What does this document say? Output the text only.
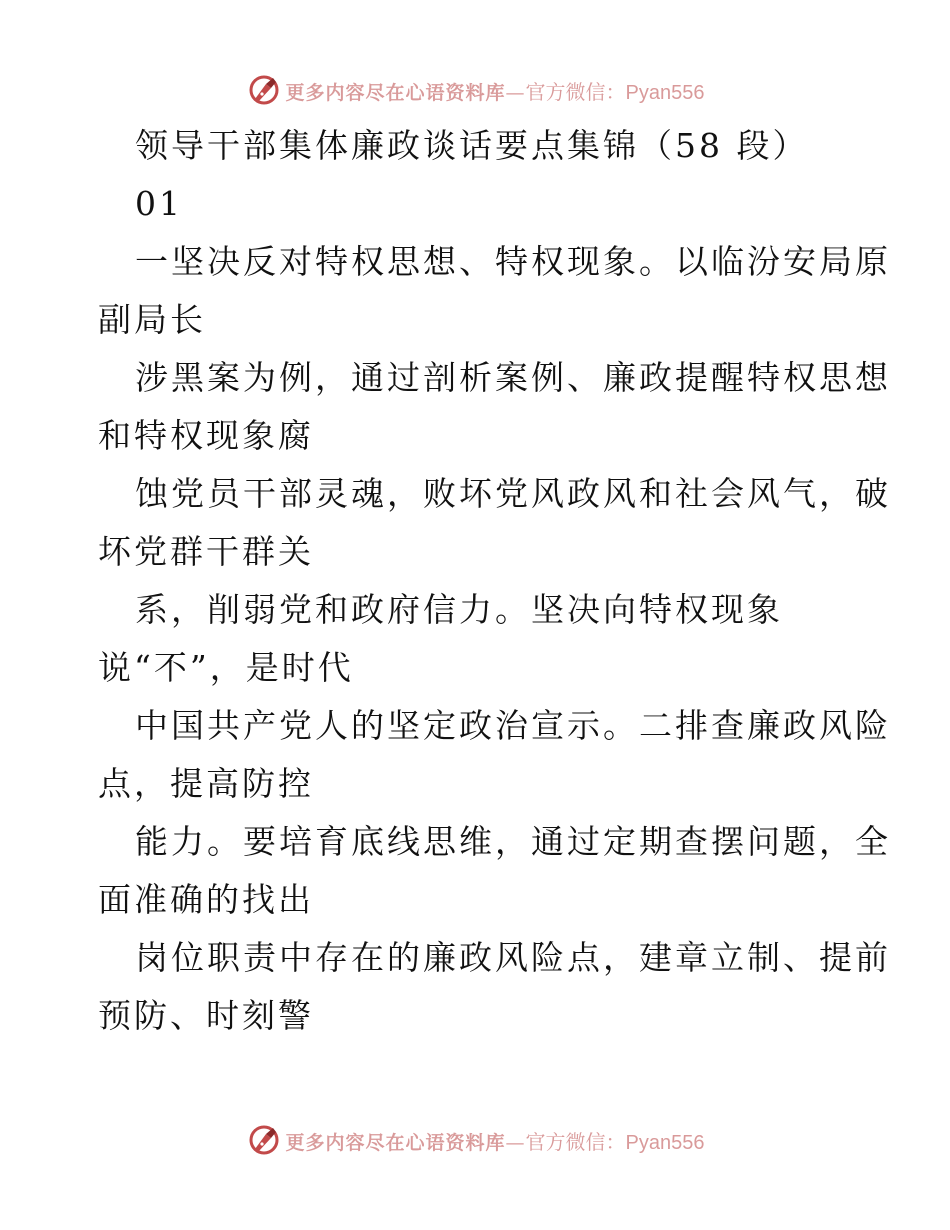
更多内容尽在心语资料库—官方微信：Pyan556
领导干部集体廉政谈话要点集锦（58 段）
01
一坚决反对特权思想、特权现象。以临汾安局原
副局长
涉黑案为例，通过剖析案例、廉政提醒特权思想
和特权现象腐
蚀党员干部灵魂，败坏党风政风和社会风气，破
坏党群干群关
系，削弱党和政府信力。坚决向特权现象
说“不”，是时代
中国共产党人的坚定政治宣示。二排查廉政风险
点，提高防控
能力。要培育底线思维，通过定期查摆问题，全
面准确的找出
岗位职责中存在的廉政风险点，建章立制、提前
预防、时刻警
更多内容尽在心语资料库—官方微信：Pyan556
